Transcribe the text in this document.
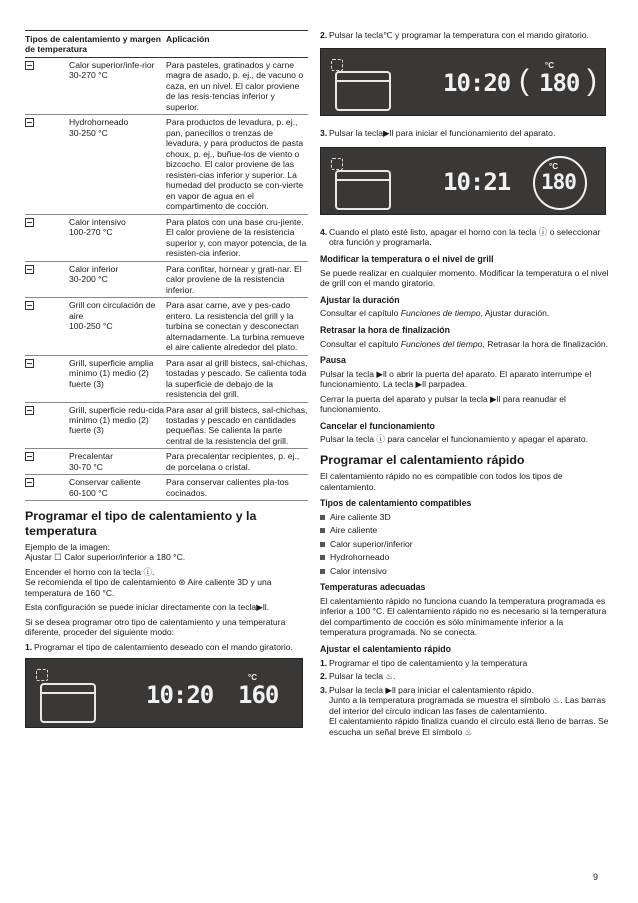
Tipos de calentamiento y margen de temperatura
Aplicación
Calor superior/infe-rior
30-270 °C
Para pasteles, gratinados y carne magra de asado, p. ej., de vacuno o caza, en un nivel. El calor proviene de las resis-tencias inferior y superior.
Hydrohorneado
30-250 °C
Para productos de levadura, p. ej., pan, panecillos o trenzas de levadura, y para productos de pasta choux, p. ej., buñue-los de viento o bizcocho. El calor proviene de las resisten-cias inferior y superior. La humedad del producto se con-vierte en vapor de agua en el compartimento de cocción.
Calor intensivo
100-270 °C
Para platos con una base cru-jiente. El calor proviene de la resistencia superior y, con mayor potencia, de la resisten-cia inferior.
Calor inferior
30-200 °C
Para confitar, hornear y grati-nar. El calor proviene de la resistencia inferior.
Grill con circulación de aire
100-250 °C
Para asar carne, ave y pes-cado entero. La resistencia del grill y la turbina se conectan y desconectan alternadamente. La turbina remueve el aire caliente alrededor del plato.
Grill, superficie amplia
mínimo (1) medio (2) fuerte (3)
Para asar al grill bistecs, sal-chichas, tostadas y pescado. Se calienta toda la superficie de debajo de la resistencia del grill.
Grill, superficie redu-cida
mínimo (1) medio (2) fuerte (3)
Para asar al grill bistecs, sal-chichas, tostadas y pescado en cantidades pequeñas. Se calienta la parte central de la resistencia del grill.
Precalentar
30-70 °C
Para precalentar recipientes, p. ej., de porcelana o cristal.
Conservar caliente
60-100 °C
Para conservar calientes pla-tos cocinados.
Programar el tipo de calentamiento y la temperatura

Ejemplo de la imagen:
Ajustar ☐ Calor superior/inferior a 180 °C.

Encender el horno con la tecla ⓘ.
Se recomienda el tipo de calentamiento ⊛ Aire caliente 3D y una temperatura de 160 °C.

Esta configuración se puede iniciar directamente con la tecla▶ll.

Si se desea programar otro tipo de calentamiento y una temperatura diferente, proceder del siguiente modo:

1. Programar el tipo de calentamiento deseado con el mando giratorio.
10:20
°C
160
2. Pulsar la tecla℃ y programar la temperatura con el mando giratorio.
10:20 ( °C
180 )
3. Pulsar la tecla▶ll para iniciar el funcionamiento del aparato.
10:21
°C
180
4. Cuando el plato esté listo, apagar el horno con la tecla ⓘ o seleccionar otra función y programarla.
Modificar la temperatura o el nivel de grill

Se puede realizar en cualquier momento. Modificar la temperatura o el nivel de grill con el mando giratorio.

Ajustar la duración

Consultar el capítulo Funciones de tiempo, Ajustar duración.

Retrasar la hora de finalización

Consultar el capítulo Funciones del tiempo, Retrasar la hora de finalización.

Pausa

Pulsar la tecla ▶ll o abrir la puerta del aparato. El aparato interrumpe el funcionamiento. La tecla ▶ll parpadea.

Cerrar la puerta del aparato y pulsar la tecla ▶ll para reanudar el funcionamiento.

Cancelar el funcionamiento

Pulsar la tecla ⓘ para cancelar el funcionamiento y apagar el aparato.

Programar el calentamiento rápido

El calentamiento rápido no es compatible con todos los tipos de calentamiento.

Tipos de calentamiento compatibles
Aire caliente 3D
Aire caliente
Calor superior/inferior
Hydrohorneado
Calor intensivo
Temperaturas adecuadas

El calentamiento rápido no funciona cuando la temperatura programada es inferior a 100 °C. El calentamiento rápido no es necesario si la temperatura del compartimento de cocción es sólo mínimamente inferior a la temperatura programada. No se conecta.

Ajustar el calentamiento rápido
1. Programar el tipo de calentamiento y la temperatura
2. Pulsar la tecla ♨.
3. Pulsar la tecla ▶ll para iniciar el calentamiento rápido.
Junto a la temperatura programada se muestra el símbolo ♨. Las barras del interior del círculo indican las fases de calentamiento.
El calentamiento rápido finaliza cuando el círculo está lleno de barras. Se escucha un señal breve El símbolo ♨
9
